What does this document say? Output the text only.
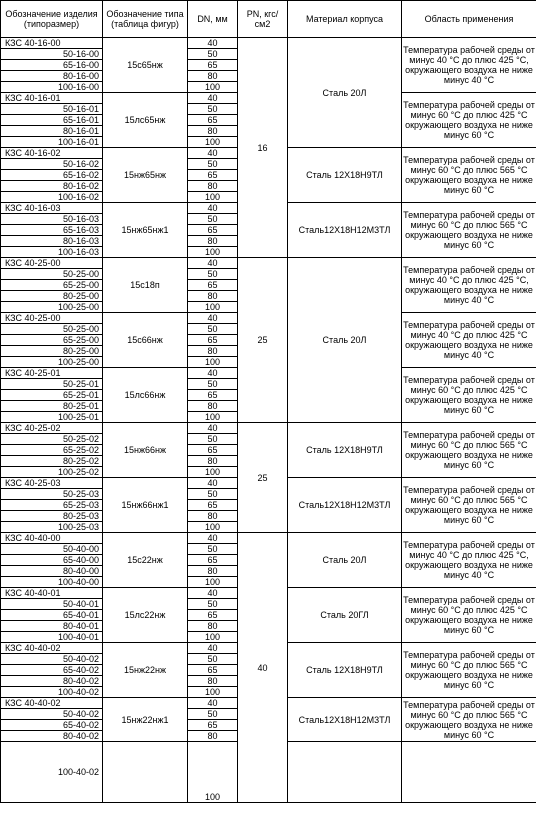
Обозначение изделия (типоразмер)	Обозначение типа (таблица фигур)	DN, мм	PN, кгс/см2	Материал корпуса	Область применения	
КЗС 40-16-00	15с65нж	40	16	Сталь 20Л	Температура рабочей среды от минус 40 °С до плюс 425 °С, окружающего воздуха не ниже минус 40 °С	
50-16-00		50				
65-16-00		65				
80-16-00		80				
100-16-00		100				
КЗС 40-16-01	15лс65нж	40			Температура рабочей среды от минус 60 °С до плюс 425 °С окружающего воздуха не ниже минус 60 °С	
50-16-01		50				
65-16-01		65				
80-16-01		80				
100-16-01		100				
КЗС 40-16-02	15нж65нж	40		Сталь 12Х18Н9ТЛ	Температура рабочей среды от минус 60 °С до плюс 565 °С окружающего воздуха не ниже минус 60 °С	
50-16-02		50				
65-16-02		65				
80-16-02		80				
100-16-02		100				
КЗС 40-16-03	15нж65нж1	40		Сталь12Х18Н12М3ТЛ	Температура рабочей среды от минус 60 °С до плюс 565 °С окружающего воздуха не ниже минус 60 °С	
50-16-03		50				
65-16-03		65				
80-16-03		80				
100-16-03		100				
КЗС 40-25-00	15с18п	40	25	Сталь 20Л	Температура рабочей среды от минус 40 °С до плюс 425 °С, окружающего воздуха не ниже минус 40 °С	
50-25-00		50				
65-25-00		65				
80-25-00		80				
100-25-00		100				
КЗС 40-25-00	15с66нж	40			Температура рабочей среды от минус 40 °С до плюс 425 °С окружающего воздуха не ниже минус 40 °С	
50-25-00		50				
65-25-00		65				
80-25-00		80				
100-25-00		100				
КЗС 40-25-01	15лс66нж	40			Температура рабочей среды от минус 60 °С до плюс 425 °С окружающего воздуха не ниже минус 60 °С	
50-25-01		50				
65-25-01		65				
80-25-01		80				
100-25-01		100				
КЗС 40-25-02	15нж66нж	40	25	Сталь 12Х18Н9ТЛ	Температура рабочей среды от минус 60 °С до плюс 565 °С окружающего воздуха не ниже минус 60 °С	
50-25-02		50				
65-25-02		65				
80-25-02		80				
100-25-02		100				
КЗС 40-25-03	15нж66нж1	40		Сталь12Х18Н12М3ТЛ	Температура рабочей среды от минус 60 °С до плюс 565 °С окружающего воздуха не ниже минус 60 °С	
50-25-03		50				
65-25-03		65				
80-25-03		80				
100-25-03		100				
КЗС 40-40-00	15с22нж	40	40	Сталь 20Л	Температура рабочей среды от минус 40 °С до плюс 425 °С, окружающего воздуха не ниже минус 40 °С	
50-40-00		50				
65-40-00		65				
80-40-00		80				
100-40-00		100				
КЗС 40-40-01	15лс22нж	40		Сталь 20ГЛ	Температура рабочей среды от минус 60 °С до плюс 425 °С окружающего воздуха не ниже минус 60 °С	
50-40-01		50				
65-40-01		65				
80-40-01		80				
100-40-01		100				
КЗС 40-40-02	15нж22нж	40		Сталь 12Х18Н9ТЛ	Температура рабочей среды от минус 60 °С до плюс 565 °С окружающего воздуха не ниже минус 60 °С	
50-40-02		50				
65-40-02		65				
80-40-02		80				
100-40-02		100				
КЗС 40-40-02	15нж22нж1	40		Сталь12Х18Н12М3ТЛ	Температура рабочей среды от минус 60 °С до плюс 565 °С окружающего воздуха не ниже минус 60 °С	
50-40-02		50				
65-40-02		65				
80-40-02		80				
100-40-02		100			
